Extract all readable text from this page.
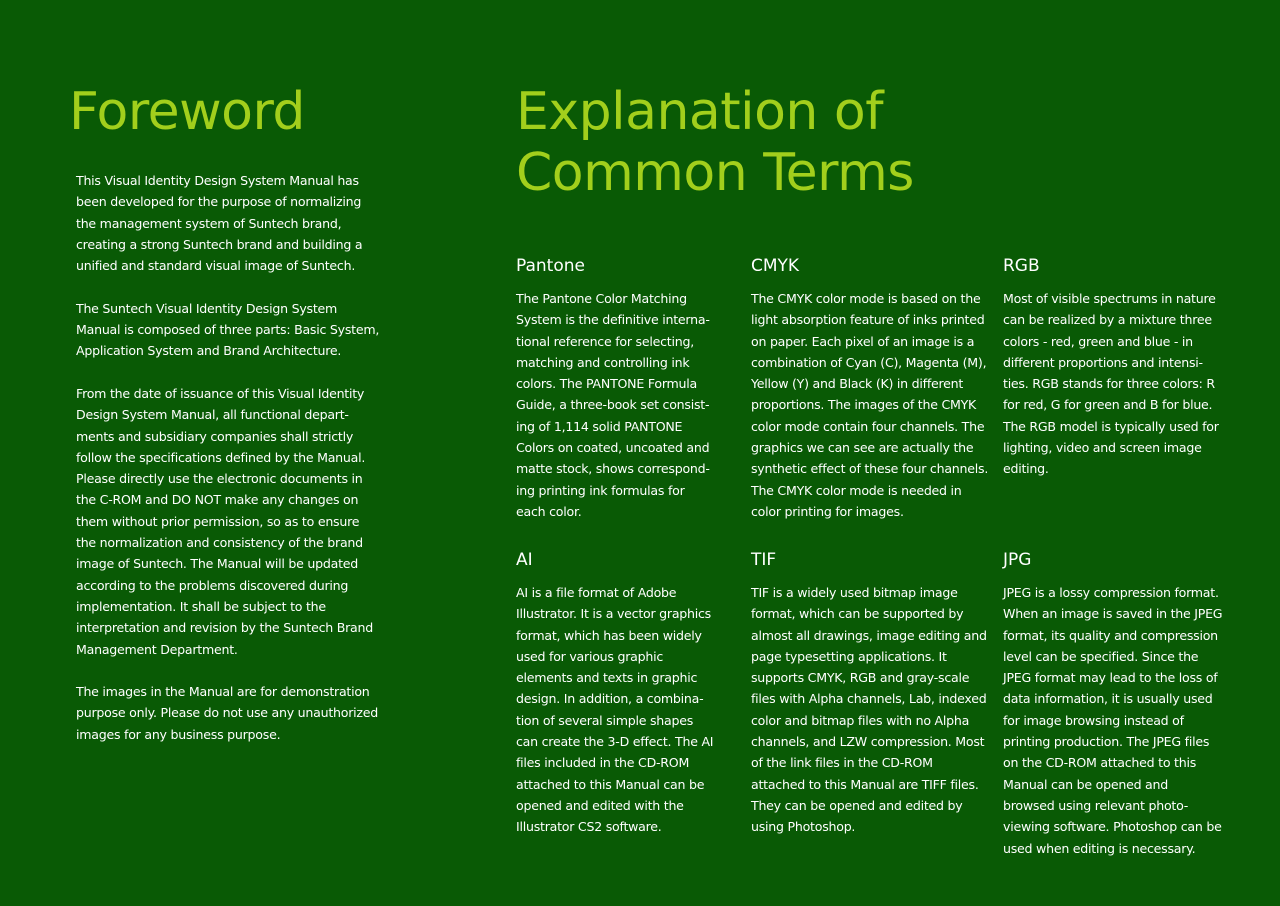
Foreword

This Visual Identity Design System Manual has
been developed for the purpose of normalizing
the management system of Suntech brand,
creating a strong Suntech brand and building a
unified and standard visual image of Suntech.

The Suntech Visual Identity Design System
Manual is composed of three parts: Basic System,
Application System and Brand Architecture.

From the date of issuance of this Visual Identity
Design System Manual, all functional depart-
ments and subsidiary companies shall strictly
follow the specifications defined by the Manual.
Please directly use the electronic documents in
the C-ROM and DO NOT make any changes on
them without prior permission, so as to ensure
the normalization and consistency of the brand
image of Suntech. The Manual will be updated
according to the problems discovered during
implementation. It shall be subject to the
interpretation and revision by the Suntech Brand
Management Department.

The images in the Manual are for demonstration
purpose only. Please do not use any unauthorized
images for any business purpose.

Explanation of
Common Terms
Pantone

The Pantone Color Matching
System is the definitive interna-
tional reference for selecting,
matching and controlling ink
colors. The PANTONE Formula
Guide, a three-book set consist-
ing of 1,114 solid PANTONE
Colors on coated, uncoated and
matte stock, shows correspond-
ing printing ink formulas for
each color.

CMYK

The CMYK color mode is based on the
light absorption feature of inks printed
on paper. Each pixel of an image is a
combination of Cyan (C), Magenta (M),
Yellow (Y) and Black (K) in different
proportions. The images of the CMYK
color mode contain four channels. The
graphics we can see are actually the
synthetic effect of these four channels.
The CMYK color mode is needed in
color printing for images.

RGB

Most of visible spectrums in nature
can be realized by a mixture three
colors - red, green and blue - in
different proportions and intensi-
ties. RGB stands for three colors: R
for red, G for green and B for blue.
The RGB model is typically used for
lighting, video and screen image
editing.

AI

AI is a file format of Adobe
Illustrator. It is a vector graphics
format, which has been widely
used for various graphic
elements and texts in graphic
design. In addition, a combina-
tion of several simple shapes
can create the 3-D effect. The AI
files included in the CD-ROM
attached to this Manual can be
opened and edited with the
Illustrator CS2 software.

TIF

TIF is a widely used bitmap image
format, which can be supported by
almost all drawings, image editing and
page typesetting applications. It
supports CMYK, RGB and gray-scale
files with Alpha channels, Lab, indexed
color and bitmap files with no Alpha
channels, and LZW compression. Most
of the link files in the CD-ROM
attached to this Manual are TIFF files.
They can be opened and edited by
using Photoshop.

JPG

JPEG is a lossy compression format.
When an image is saved in the JPEG
format, its quality and compression
level can be specified. Since the
JPEG format may lead to the loss of
data information, it is usually used
for image browsing instead of
printing production. The JPEG files
on the CD-ROM attached to this
Manual can be opened and
browsed using relevant photo-
viewing software. Photoshop can be
used when editing is necessary.
